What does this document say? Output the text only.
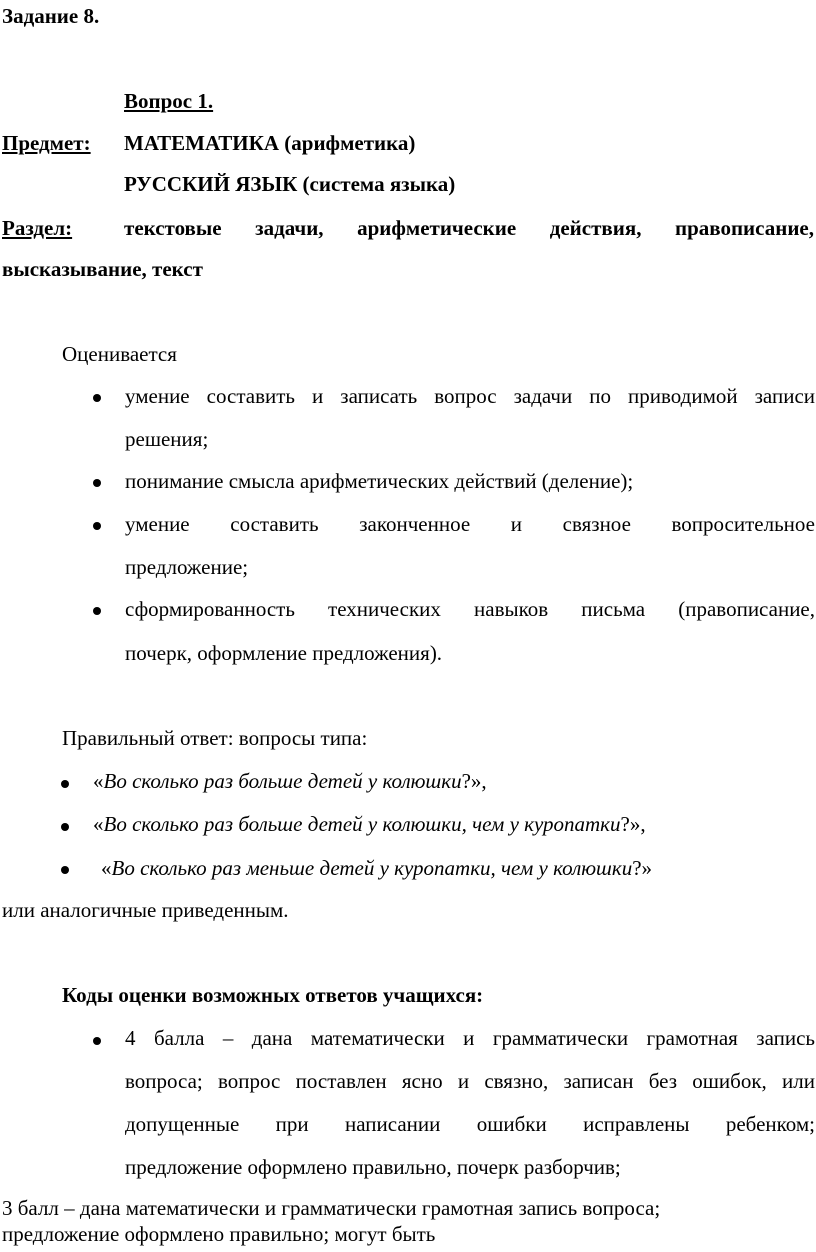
Задание 8.
Вопрос 1.
Предмет: МАТЕМАТИКА (арифметика)
РУССКИЙ ЯЗЫК (система языка)
Раздел: текстовые задачи, арифметические действия, правописание,
высказывание, текст
Оценивается
умение составить и записать вопрос задачи по приводимой записи
решения;
понимание смысла арифметических действий (деление);
умение составить законченное и связное вопросительное
предложение;
сформированность технических навыков письма (правописание,
почерк, оформление предложения).
Правильный ответ: вопросы типа:
«Во сколько раз больше детей у колюшки?»,
«Во сколько раз больше детей у колюшки, чем у куропатки?»,
«Во сколько раз меньше детей у куропатки, чем у колюшки?»
или аналогичные приведенным.
Коды оценки возможных ответов учащихся:
4 балла – дана математически и грамматически грамотная запись
вопроса; вопрос поставлен ясно и связно, записан без ошибок, или
допущенные при написании ошибки исправлены ребенком;
предложение оформлено правильно, почерк разборчив;
3 балл – дана математически и грамматически грамотная запись вопроса;
предложение оформлено правильно; могут быть
